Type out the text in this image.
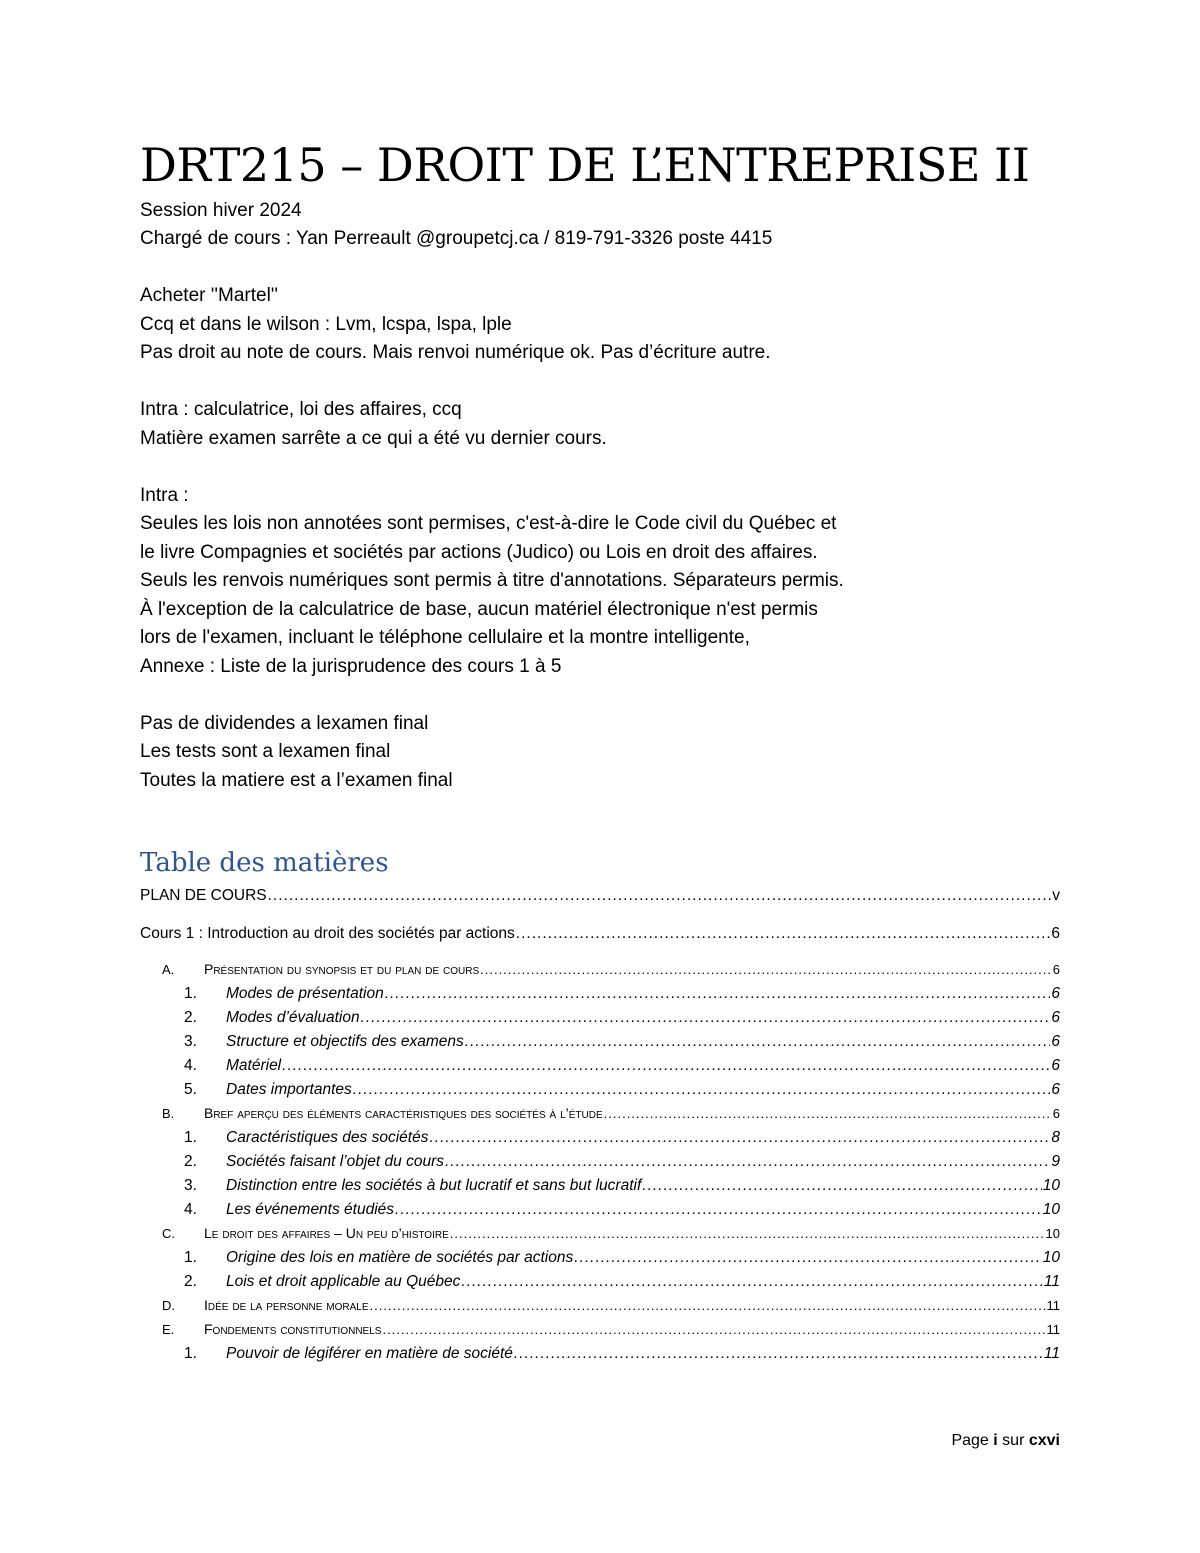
DRT215 – DROIT DE L’ENTREPRISE II
Session hiver 2024
Chargé de cours : Yan Perreault @groupetcj.ca / 819-791-3326 poste 4415
Acheter ''Martel''
Ccq et dans le wilson : Lvm, lcspa, lspa, lple
Pas droit au note de cours. Mais renvoi numérique ok. Pas d’écriture autre.
Intra : calculatrice, loi des affaires, ccq
Matière examen sarrête a ce qui a été vu dernier cours.
Intra :
Seules les lois non annotées sont permises, c'est-à-dire le Code civil du Québec et
le livre Compagnies et sociétés par actions (Judico) ou Lois en droit des affaires.
Seuls les renvois numériques sont permis à titre d'annotations. Séparateurs permis.
À l'exception de la calculatrice de base, aucun matériel électronique n'est permis
lors de l'examen, incluant le téléphone cellulaire et la montre intelligente,
Annexe : Liste de la jurisprudence des cours 1 à 5
Pas de dividendes a lexamen final
Les tests sont a lexamen final
Toutes la matiere est a l’examen final
Table des matières
PLAN DE COURS .....	v
Cours 1 : Introduction au droit des sociétés par actions .....	6
A.	Présentation du synopsis et du plan de cours .....	6
1.	Modes de présentation .....	6
2.	Modes d’évaluation .....	6
3.	Structure et objectifs des examens .....	6
4.	Matériel .....	6
5.	Dates importantes .....	6
B.	Bref aperçu des éléments caractéristiques des sociétés à l’étude .....	6
1.	Caractéristiques des sociétés .....	8
2.	Sociétés faisant l’objet du cours .....	9
3.	Distinction entre les sociétés à but lucratif et sans but lucratif .....	10
4.	Les événements étudiés .....	10
C.	Le droit des affaires – Un peu d’histoire .....	10
1.	Origine des lois en matière de sociétés par actions .....	10
2.	Lois et droit applicable au Québec .....	11
D.	Idée de la personne morale .....	11
E.	Fondements constitutionnels .....	11
1.	Pouvoir de légiférer en matière de société .....	11
Page i sur cxvi
